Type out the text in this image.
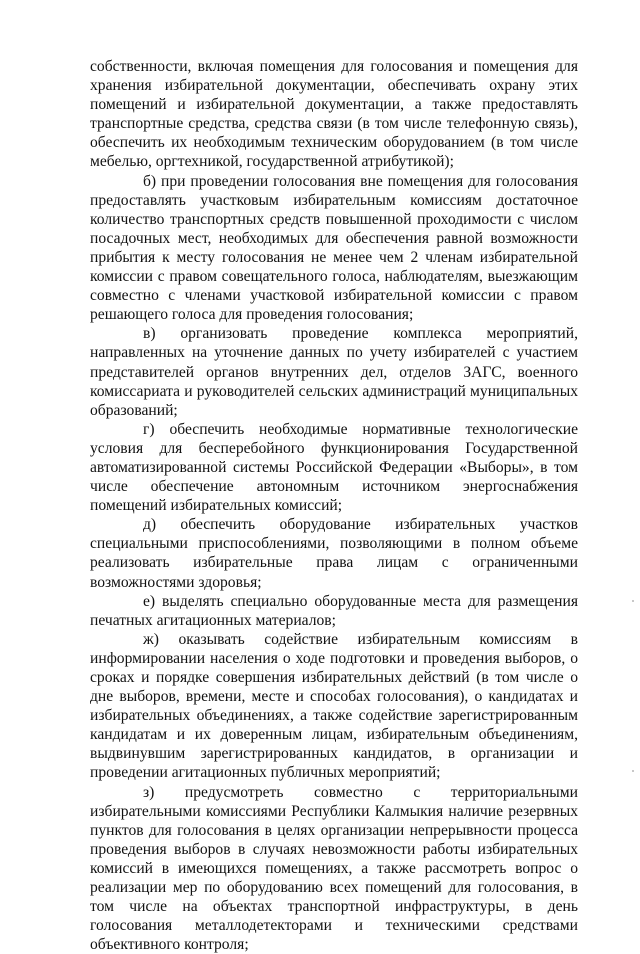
собственности, включая помещения для голосования и помещения для хранения избирательной документации, обеспечивать охрану этих помещений и избирательной документации, а также предоставлять транспортные средства, средства связи (в том числе телефонную связь), обеспечить их необходимым техническим оборудованием (в том числе мебелью, оргтехникой, государственной атрибутикой);

б) при проведении голосования вне помещения для голосования предоставлять участковым избирательным комиссиям достаточное количество транспортных средств повышенной проходимости с числом посадочных мест, необходимых для обеспечения равной возможности прибытия к месту голосования не менее чем 2 членам избирательной комиссии с правом совещательного голоса, наблюдателям, выезжающим совместно с членами участковой избирательной комиссии с правом решающего голоса для проведения голосования;

в) организовать проведение комплекса мероприятий, направленных на уточнение данных по учету избирателей с участием представителей органов внутренних дел, отделов ЗАГС, военного комиссариата и руководителей сельских администраций муниципальных образований;

г) обеспечить необходимые нормативные технологические условия для бесперебойного функционирования Государственной автоматизированной системы Российской Федерации «Выборы», в том числе обеспечение автономным источником энергоснабжения помещений избирательных комиссий;

д) обеспечить оборудование избирательных участков специальными приспособлениями, позволяющими в полном объеме реализовать избирательные права лицам с ограниченными возможностями здоровья;

е) выделять специально оборудованные места для размещения печатных агитационных материалов;

ж) оказывать содействие избирательным комиссиям в информировании населения о ходе подготовки и проведения выборов, о сроках и порядке совершения избирательных действий (в том числе о дне выборов, времени, месте и способах голосования), о кандидатах и избирательных объединениях, а также содействие зарегистрированным кандидатам и их доверенным лицам, избирательным объединениям, выдвинувшим зарегистрированных кандидатов, в организации и проведении агитационных публичных мероприятий;

з) предусмотреть совместно с территориальными избирательными комиссиями Республики Калмыкия наличие резервных пунктов для голосования в целях организации непрерывности процесса проведения выборов в случаях невозможности работы избирательных комиссий в имеющихся помещениях, а также рассмотреть вопрос о реализации мер по оборудованию всех помещений для голосования, в том числе на объектах транспортной инфраструктуры, в день голосования металлодетекторами и техническими средствами объективного контроля;
